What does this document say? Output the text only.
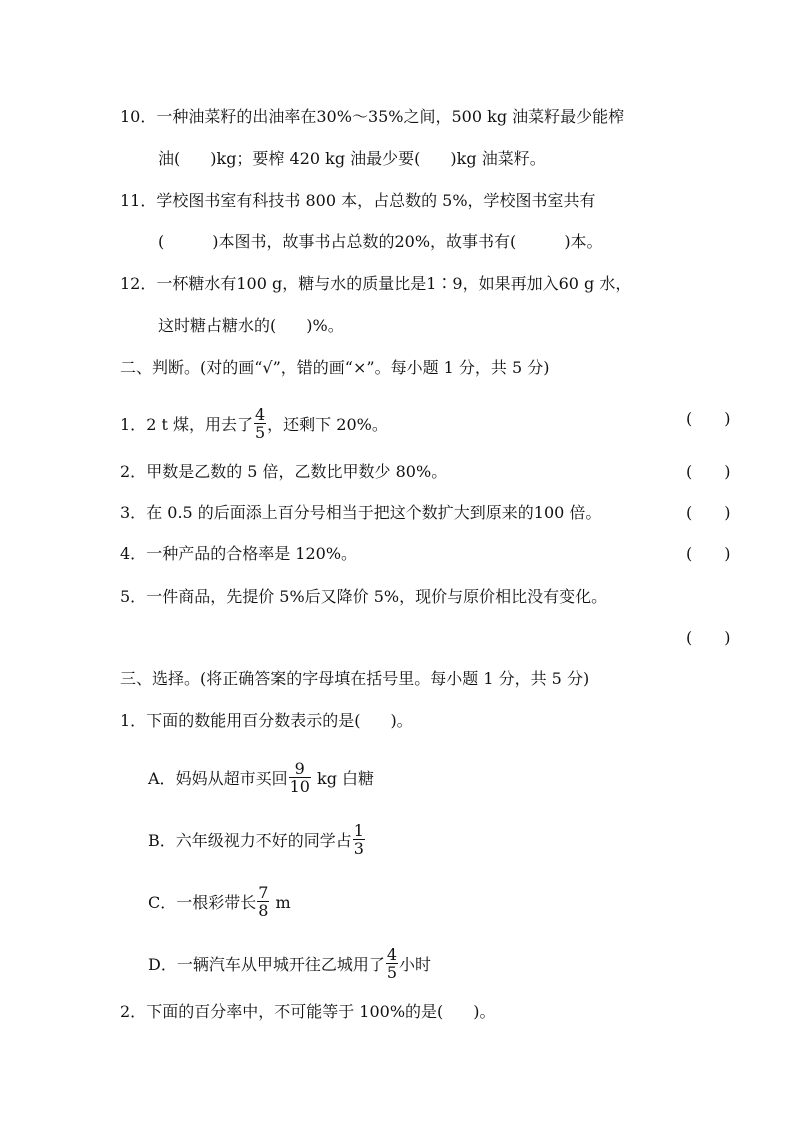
10．一种油菜籽的出油率在30%～35%之间，500 kg 油菜籽最少能榨
油( )kg；要榨 420 kg 油最少要( )kg 油菜籽。
11．学校图书室有科技书 800 本，占总数的 5%，学校图书室共有
(	)本图书，故事书占总数的20%，故事书有(	)本。
12．一杯糖水有100 g，糖与水的质量比是1∶9，如果再加入60 g 水，
这时糖占糖水的( )%。
二、判断。(对的画“√”，错的画“×”。每小题 1 分，共 5 分)
1．2 t 煤，用去了 $\frac{4}{5}$ ，还剩下 20%。	(　　)
2．甲数是乙数的 5 倍，乙数比甲数少 80%。	(　　)
3．在 0.5 的后面添上百分号相当于把这个数扩大到原来的100 倍。	(　　)
4．一种产品的合格率是 120%。	(　　)
5．一件商品，先提价 5%后又降价 5%，现价与原价相比没有变化。
(　　)
三、选择。(将正确答案的字母填在括号里。每小题 1 分，共 5 分)
1．下面的数能用百分数表示的是( )。
A．妈妈从超市买回 $\frac{9}{10}$ kg 白糖
B．六年级视力不好的同学占 $\frac{1}{3}$
C．一根彩带长 $\frac{7}{8}$ m
D．一辆汽车从甲城开往乙城用了 $\frac{4}{5}$ 小时
2．下面的百分率中，不可能等于 100%的是( )。
